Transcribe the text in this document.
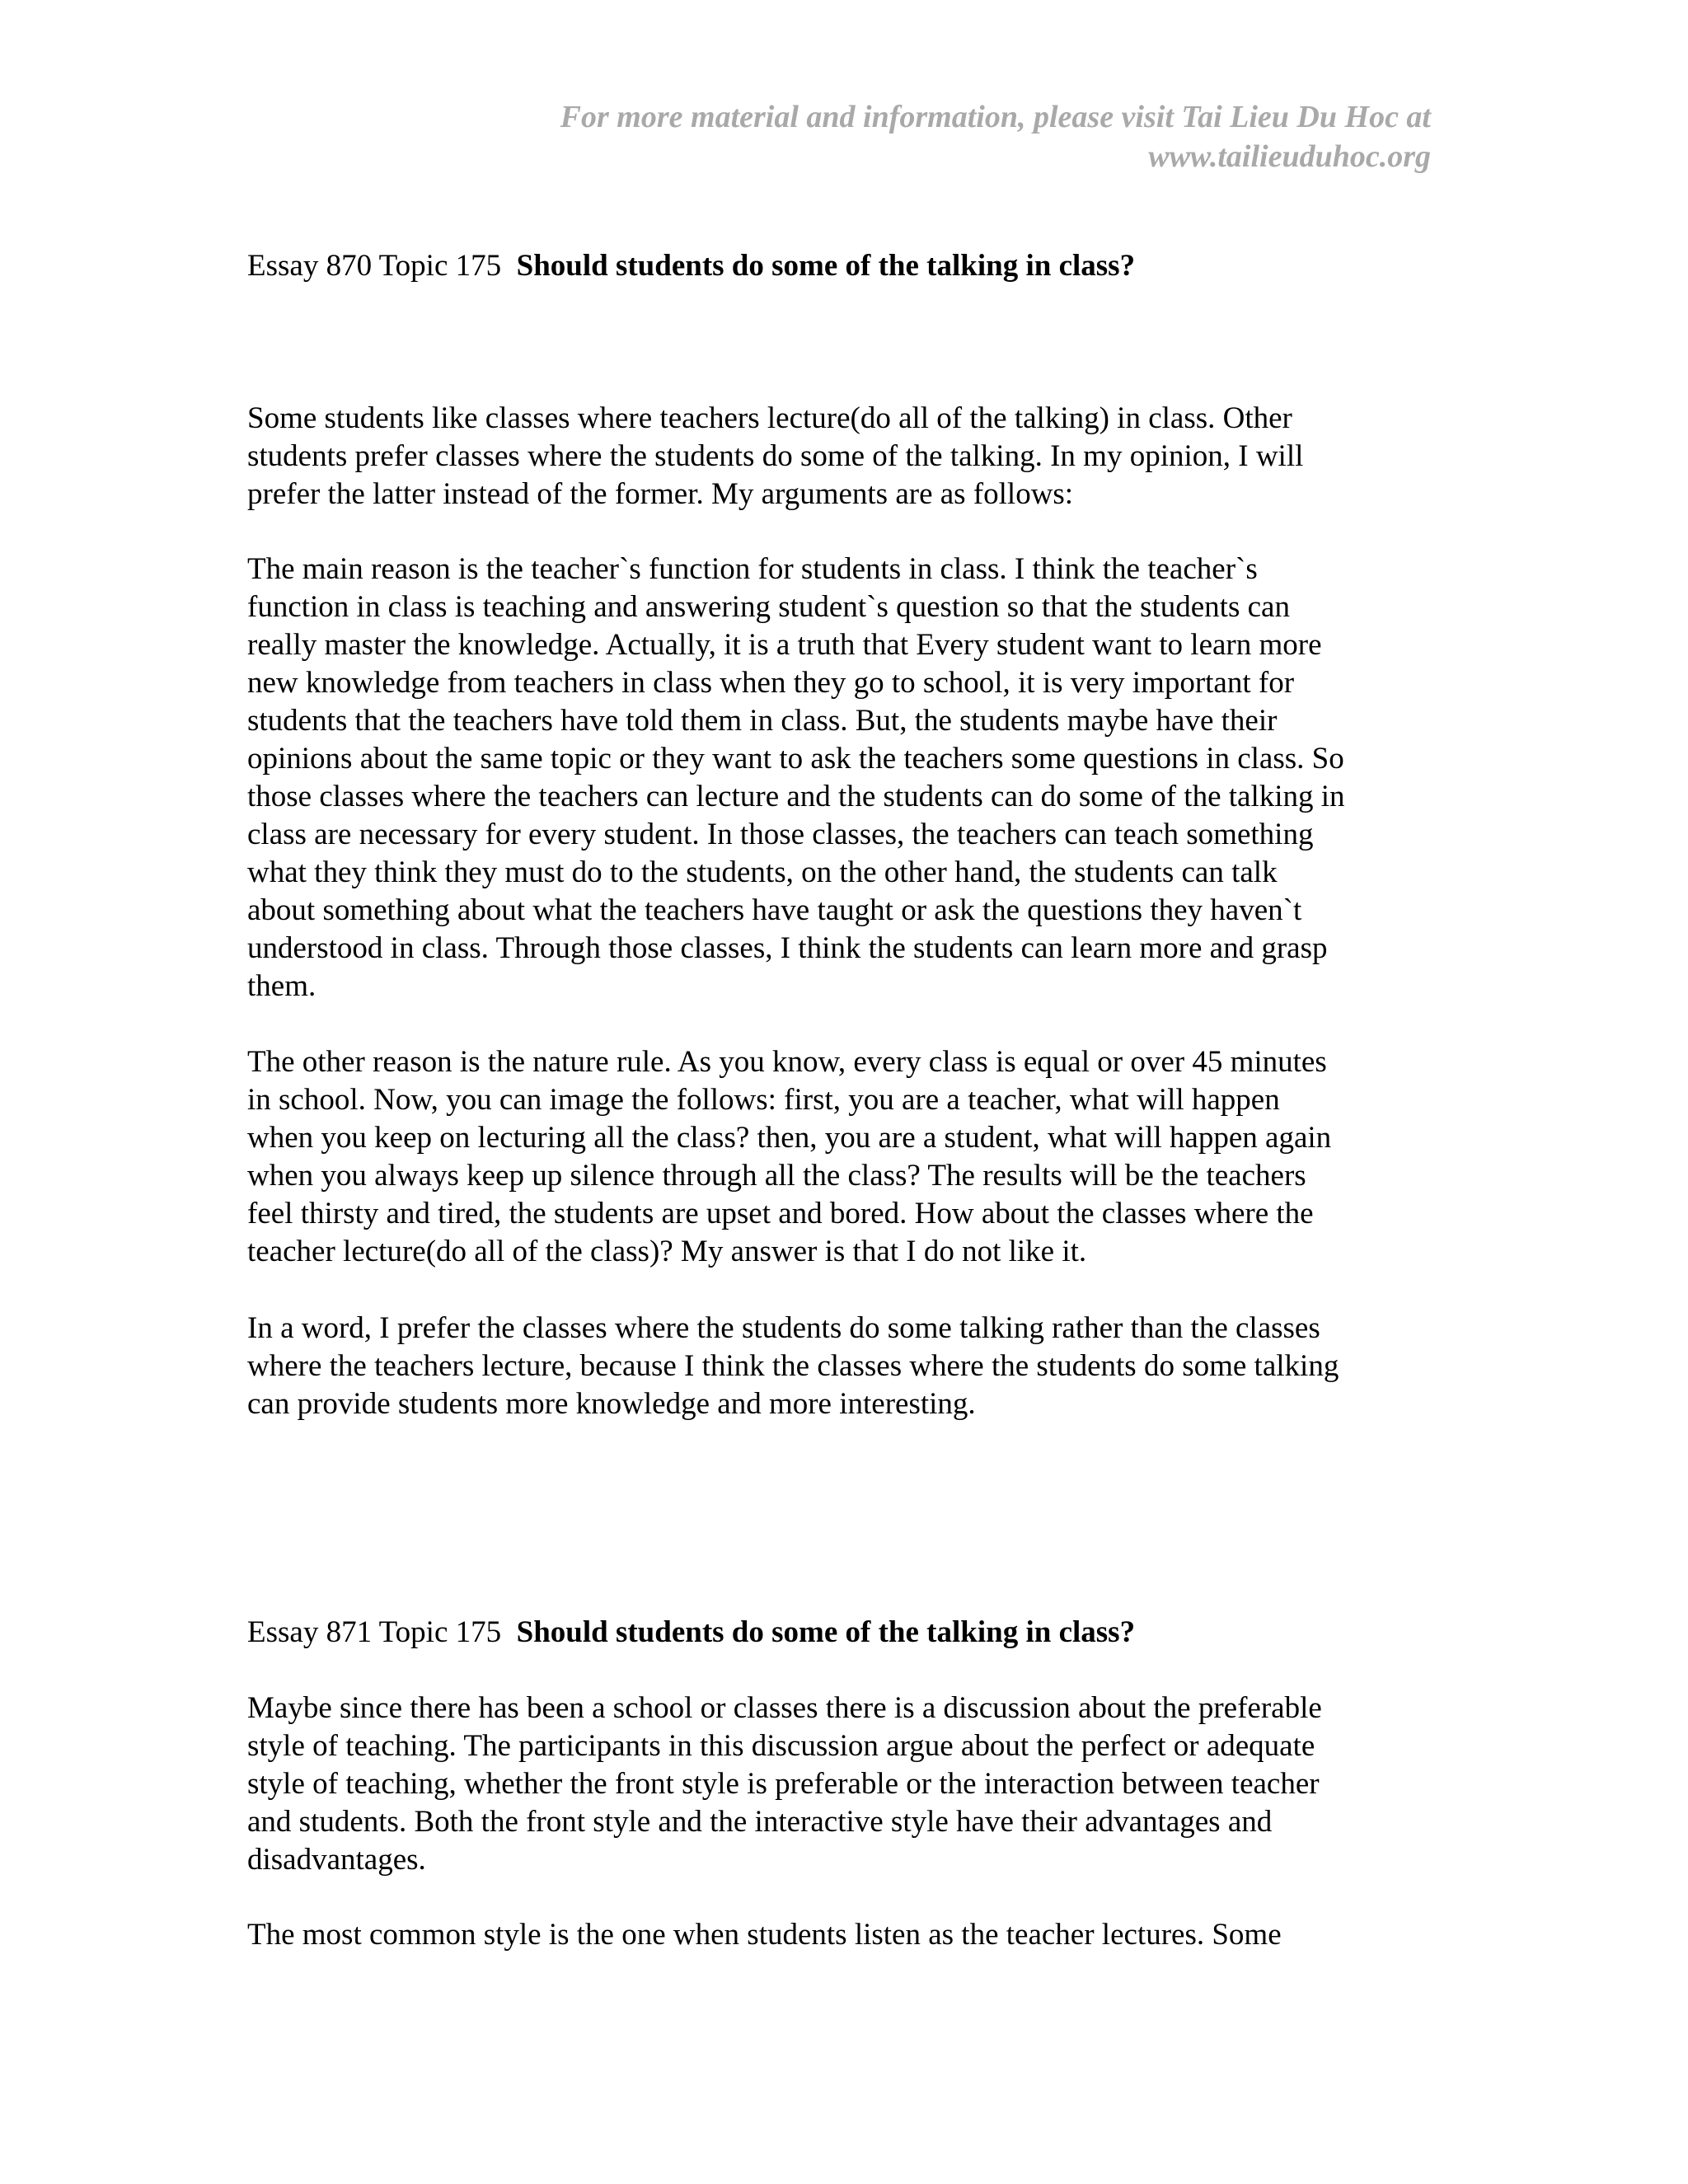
For more material and information, please visit Tai Lieu Du Hoc at
www.tailieuduhoc.org
Essay 870 Topic 175 Should students do some of the talking in class?

Some students like classes where teachers lecture(do all of the talking) in class. Other
students prefer classes where the students do some of the talking. In my opinion, I will
prefer the latter instead of the former. My arguments are as follows:

The main reason is the teacher`s function for students in class. I think the teacher`s
function in class is teaching and answering student`s question so that the students can
really master the knowledge. Actually, it is a truth that Every student want to learn more
new knowledge from teachers in class when they go to school, it is very important for
students that the teachers have told them in class. But, the students maybe have their
opinions about the same topic or they want to ask the teachers some questions in class. So
those classes where the teachers can lecture and the students can do some of the talking in
class are necessary for every student. In those classes, the teachers can teach something
what they think they must do to the students, on the other hand, the students can talk
about something about what the teachers have taught or ask the questions they haven`t
understood in class. Through those classes, I think the students can learn more and grasp
them.

The other reason is the nature rule. As you know, every class is equal or over 45 minutes
in school. Now, you can image the follows: first, you are a teacher, what will happen
when you keep on lecturing all the class? then, you are a student, what will happen again
when you always keep up silence through all the class? The results will be the teachers
feel thirsty and tired, the students are upset and bored. How about the classes where the
teacher lecture(do all of the class)? My answer is that I do not like it.

In a word, I prefer the classes where the students do some talking rather than the classes
where the teachers lecture, because I think the classes where the students do some talking
can provide students more knowledge and more interesting.

Essay 871 Topic 175 Should students do some of the talking in class?

Maybe since there has been a school or classes there is a discussion about the preferable
style of teaching. The participants in this discussion argue about the perfect or adequate
style of teaching, whether the front style is preferable or the interaction between teacher
and students. Both the front style and the interactive style have their advantages and
disadvantages.

The most common style is the one when students listen as the teacher lectures. Some
